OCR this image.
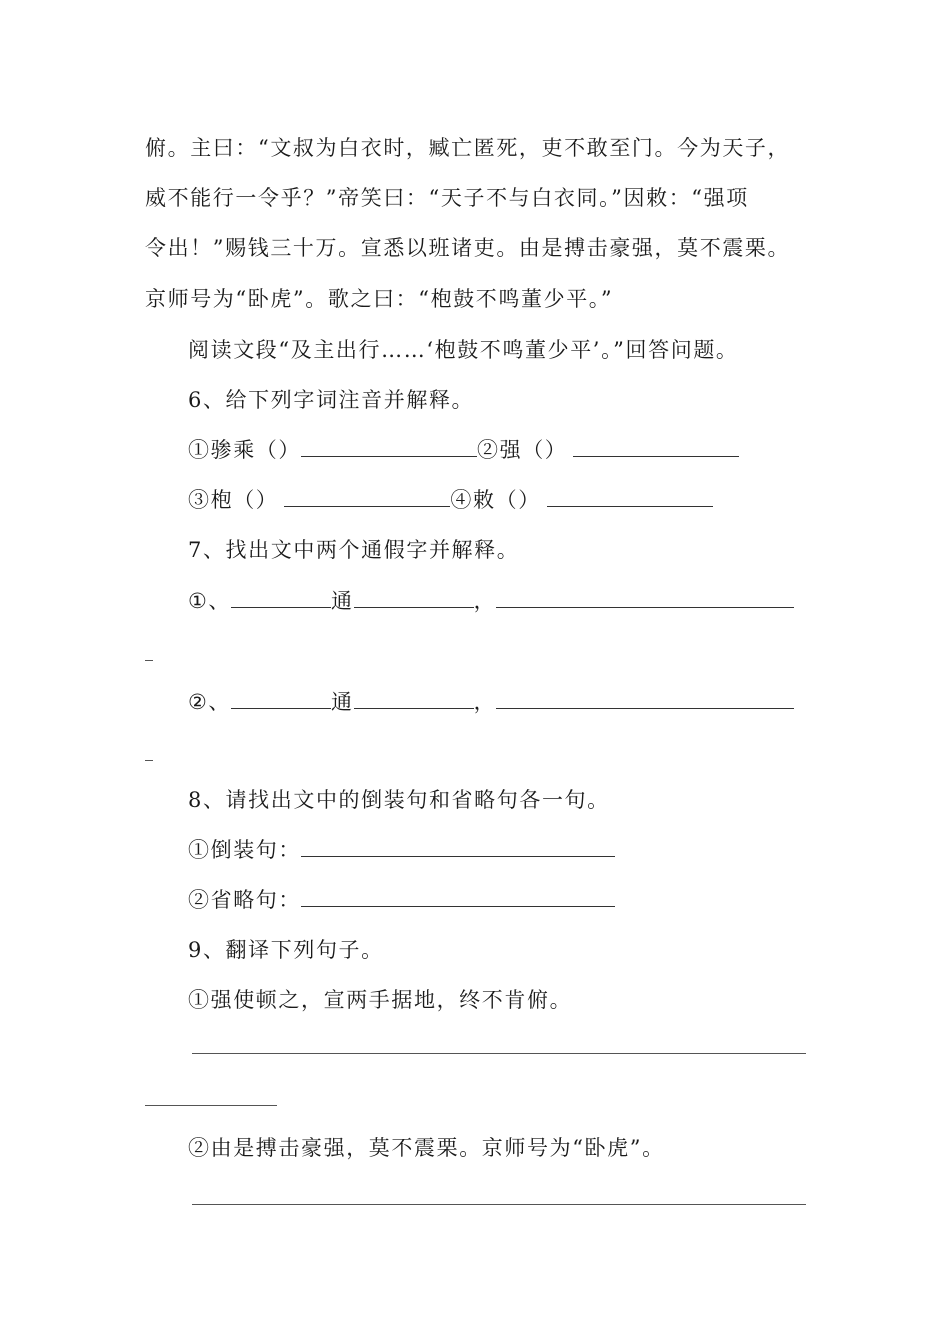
俯。主曰：“文叔为白衣时，臧亡匿死，吏不敢至门。今为天子，
威不能行一令乎？”帝笑曰：“天子不与白衣同。”因敕：“强项
令出！”赐钱三十万。宣悉以班诸吏。由是搏击豪强，莫不震栗。
京师号为“卧虎”。歌之曰：“枹鼓不鸣董少平。”
阅读文段“及主出行……‘枹鼓不鸣董少平’。”回答问题。
6、给下列字词注音并解释。
①骖乘（）	②强（）
③枹（）	④敕（）
7、找出文中两个通假字并解释。
①、	通	，
②、	通	，
8、请找出文中的倒装句和省略句各一句。
①倒装句：
②省略句：
9、翻译下列句子。
①强使顿之，宣两手据地，终不肯俯。
②由是搏击豪强，莫不震栗。京师号为“卧虎”。
